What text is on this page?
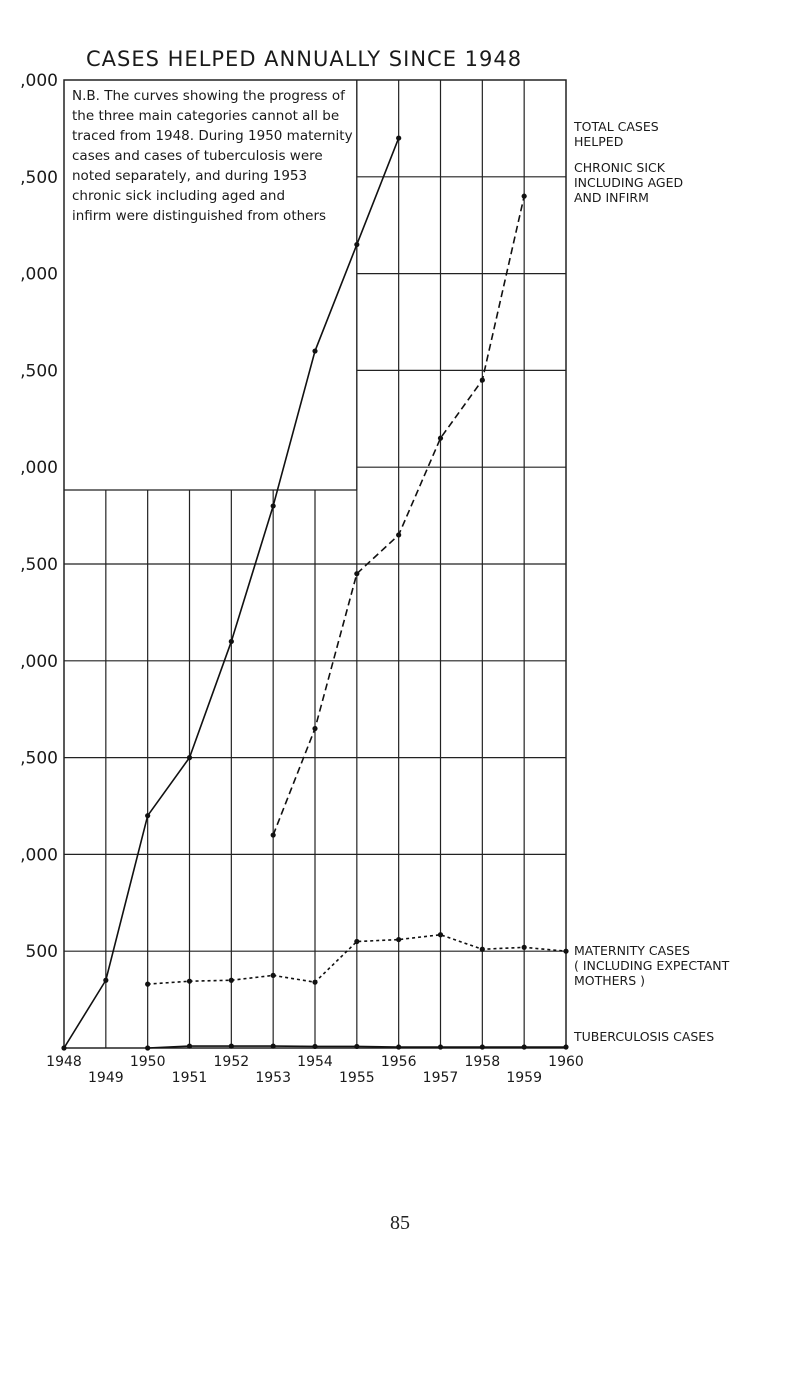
CASES HELPED ANNUALLY SINCE 1948
N.B. The curves showing the progress of
the three main categories cannot all be
traced from 1948. During 1950 maternity
cases and cases of tuberculosis were
noted separately, and during 1953
chronic sick including aged and
infirm were distinguished from others
,000
,500
,000
,500
,000
,500
,000
,500
,000
500
1948
1949
1950
1951
1952
1953
1954
1955
1956
1957
1958
1959
1960
TOTAL CASES
HELPED
CHRONIC SICK
INCLUDING AGED
AND INFIRM
MATERNITY CASES
( INCLUDING EXPECTANT
MOTHERS )
TUBERCULOSIS CASES
85
